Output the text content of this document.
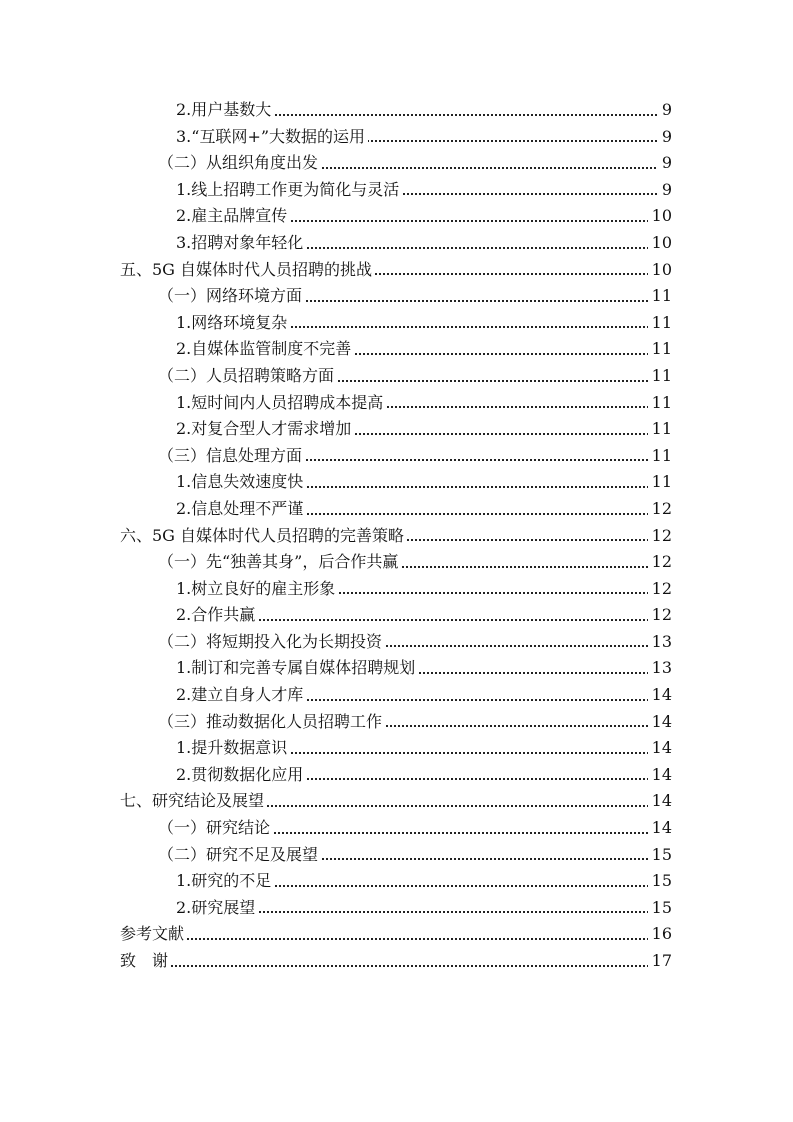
2.用户基数大	9
3.“互联网+”大数据的运用	9
（二）从组织角度出发	9
1.线上招聘工作更为简化与灵活	9
2.雇主品牌宣传	10
3.招聘对象年轻化	10
五、5G 自媒体时代人员招聘的挑战	10
（一）网络环境方面	11
1.网络环境复杂	11
2.自媒体监管制度不完善	11
（二）人员招聘策略方面	11
1.短时间内人员招聘成本提高	11
2.对复合型人才需求增加	11
（三）信息处理方面	11
1.信息失效速度快	11
2.信息处理不严谨	12
六、5G 自媒体时代人员招聘的完善策略	12
（一）先“独善其身”，后合作共赢	12
1.树立良好的雇主形象	12
2.合作共赢	12
（二）将短期投入化为长期投资	13
1.制订和完善专属自媒体招聘规划	13
2.建立自身人才库	14
（三）推动数据化人员招聘工作	14
1.提升数据意识	14
2.贯彻数据化应用	14
七、研究结论及展望	14
（一）研究结论	14
（二）研究不足及展望	15
1.研究的不足	15
2.研究展望	15
参考文献	16
致　谢	17
